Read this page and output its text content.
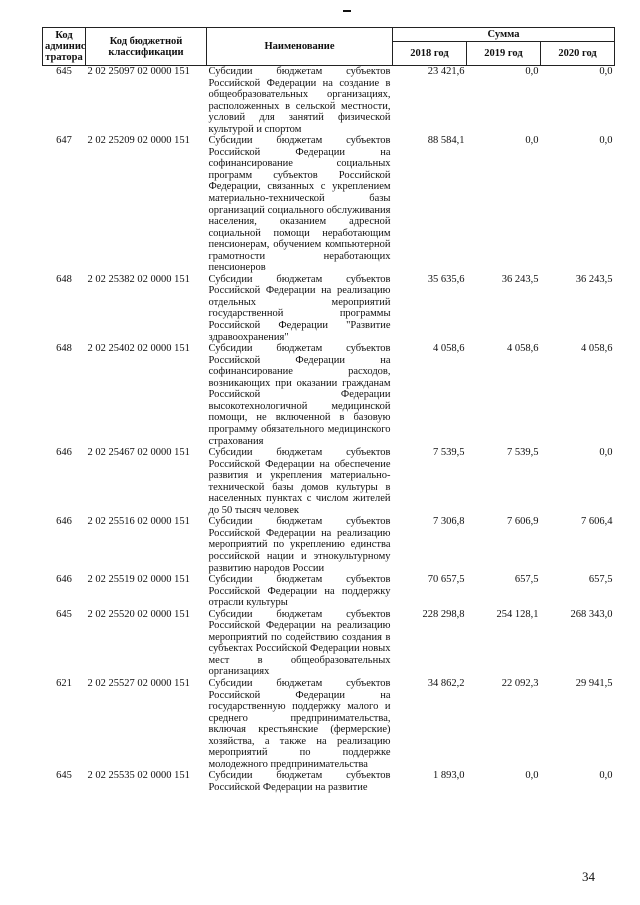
Код админис тратора	Код бюджетной классификации	Наименование	Сумма		
			2018 год	2019 год	2020 год
645	2 02 25097 02 0000 151	Субсидии бюджетам субъектов Российской Федерации на создание в общеобразовательных организациях, расположенных в сельской местности, условий для занятий физической культурой и спортом	23 421,6	0,0	0,0
647	2 02 25209 02 0000 151	Субсидии бюджетам субъектов Российской Федерации на софинансирование социальных программ субъектов Российской Федерации, связанных с укреплением материально-технической базы организаций социального обслуживания населения, оказанием адресной социальной помощи неработающим пенсионерам, обучением компьютерной грамотности неработающих пенсионеров	88 584,1	0,0	0,0
648	2 02 25382 02 0000 151	Субсидии бюджетам субъектов Российской Федерации на реализацию отдельных мероприятий государственной программы Российской Федерации "Развитие здравоохранения"	35 635,6	36 243,5	36 243,5
648	2 02 25402 02 0000 151	Субсидии бюджетам субъектов Российской Федерации на софинансирование расходов, возникающих при оказании гражданам Российской Федерации высокотехнологичной медицинской помощи, не включенной в базовую программу обязательного медицинского страхования	4 058,6	4 058,6	4 058,6
646	2 02 25467 02 0000 151	Субсидии бюджетам субъектов Российской Федерации на обеспечение развития и укрепления материально-технической базы домов культуры в населенных пунктах с числом жителей до 50 тысяч человек	7 539,5	7 539,5	0,0
646	2 02 25516 02 0000 151	Субсидии бюджетам субъектов Российской Федерации на реализацию мероприятий по укреплению единства российской нации и этнокультурному развитию народов России	7 306,8	7 606,9	7 606,4
646	2 02 25519 02 0000 151	Субсидии бюджетам субъектов Российской Федерации на поддержку отрасли культуры	70 657,5	657,5	657,5
645	2 02 25520 02 0000 151	Субсидии бюджетам субъектов Российской Федерации на реализацию мероприятий по содействию создания в субъектах Российской Федерации новых мест в общеобразовательных организациях	228 298,8	254 128,1	268 343,0
621	2 02 25527 02 0000 151	Субсидии бюджетам субъектов Российской Федерации на государственную поддержку малого и среднего предпринимательства, включая крестьянские (фермерские) хозяйства, а также на реализацию мероприятий по поддержке молодежного предпринимательства	34 862,2	22 092,3	29 941,5
645	2 02 25535 02 0000 151	Субсидии бюджетам субъектов Российской Федерации на развитие	1 893,0	0,0	0,0
34
